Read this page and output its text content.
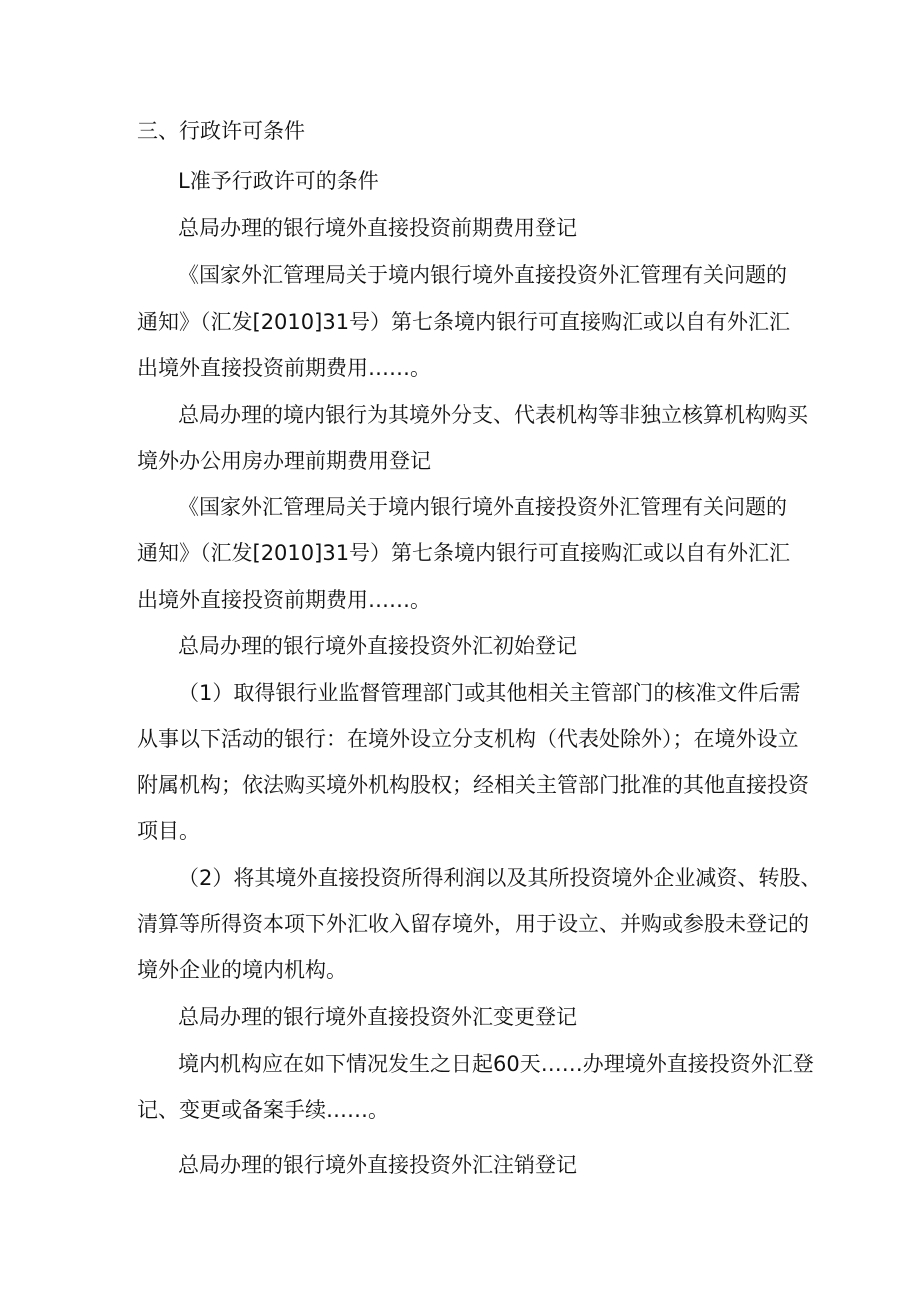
三、行政许可条件
L准予行政许可的条件
总局办理的银行境外直接投资前期费用登记
《国家外汇管理局关于境内银行境外直接投资外汇管理有关问题的
通知》（汇发[2010]31号）第七条境内银行可直接购汇或以自有外汇汇
出境外直接投资前期费用……。
总局办理的境内银行为其境外分支、代表机构等非独立核算机构购买
境外办公用房办理前期费用登记
《国家外汇管理局关于境内银行境外直接投资外汇管理有关问题的
通知》（汇发[2010]31号）第七条境内银行可直接购汇或以自有外汇汇
出境外直接投资前期费用……。
总局办理的银行境外直接投资外汇初始登记
（1）取得银行业监督管理部门或其他相关主管部门的核准文件后需
从事以下活动的银行：在境外设立分支机构（代表处除外）；在境外设立
附属机构；依法购买境外机构股权；经相关主管部门批准的其他直接投资
项目。
（2）将其境外直接投资所得利润以及其所投资境外企业减资、转股、
清算等所得资本项下外汇收入留存境外，用于设立、并购或参股未登记的
境外企业的境内机构。
总局办理的银行境外直接投资外汇变更登记
境内机构应在如下情况发生之日起60天……办理境外直接投资外汇登
记、变更或备案手续……。
总局办理的银行境外直接投资外汇注销登记
